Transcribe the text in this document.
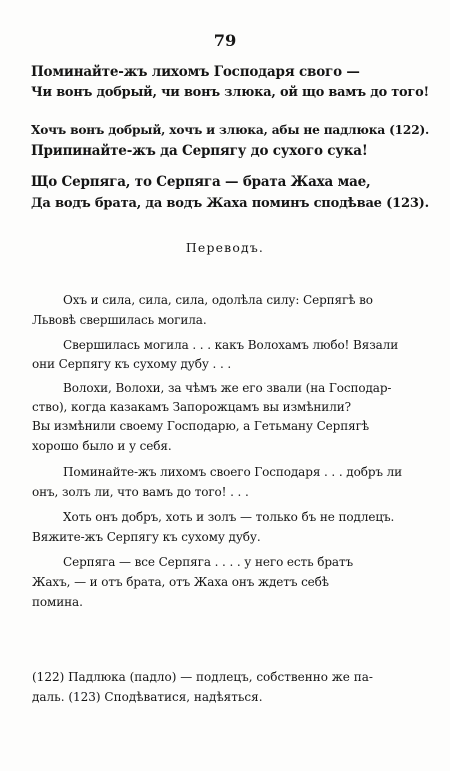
79
Поминайте-жъ лихомъ Господаря свого —
Чи вонъ добрый, чи вонъ злюка, ой що вамъ до того!
Хочъ вонъ добрый, хочъ и злюка, абы не падлюка (122).
Припинайте-жъ да Серпягу до сухого сука!
Що Серпяга, то Серпяга — брата Жаха мае,
Да водъ брата, да водъ Жаха поминъ сподѣвае (123).
Переводъ.
Охъ и сила, сила, сила, одолѣла силу: Серпягѣ во
Львовѣ свершилась могила.
Свершилась могила . . . какъ Волохамъ любо! Вязали
они Серпягу къ сухому дубу . . .
Волохи, Волохи, за чѣмъ же его звали (на Господар-
ство), когда казакамъ Запорожцамъ вы измѣнили?
Вы измѣнили своему Господарю, а Гетьману Серпягѣ
хорошо было и у себя.
Поминайте-жъ лихомъ своего Господаря . . . добръ ли
онъ, золъ ли, что вамъ до того! . . .
Хоть онъ добръ, хоть и золъ — только бъ не подлецъ.
Вяжите-жъ Серпягу къ сухому дубу.
Серпяга — все Серпяга . . . . у него есть братъ
Жахъ, — и отъ брата, отъ Жаха онъ ждетъ себѣ
помина.
(122) Падлюка (падло) — подлецъ, собственно же па-
даль. (123) Сподѣватися, надѣяться.
